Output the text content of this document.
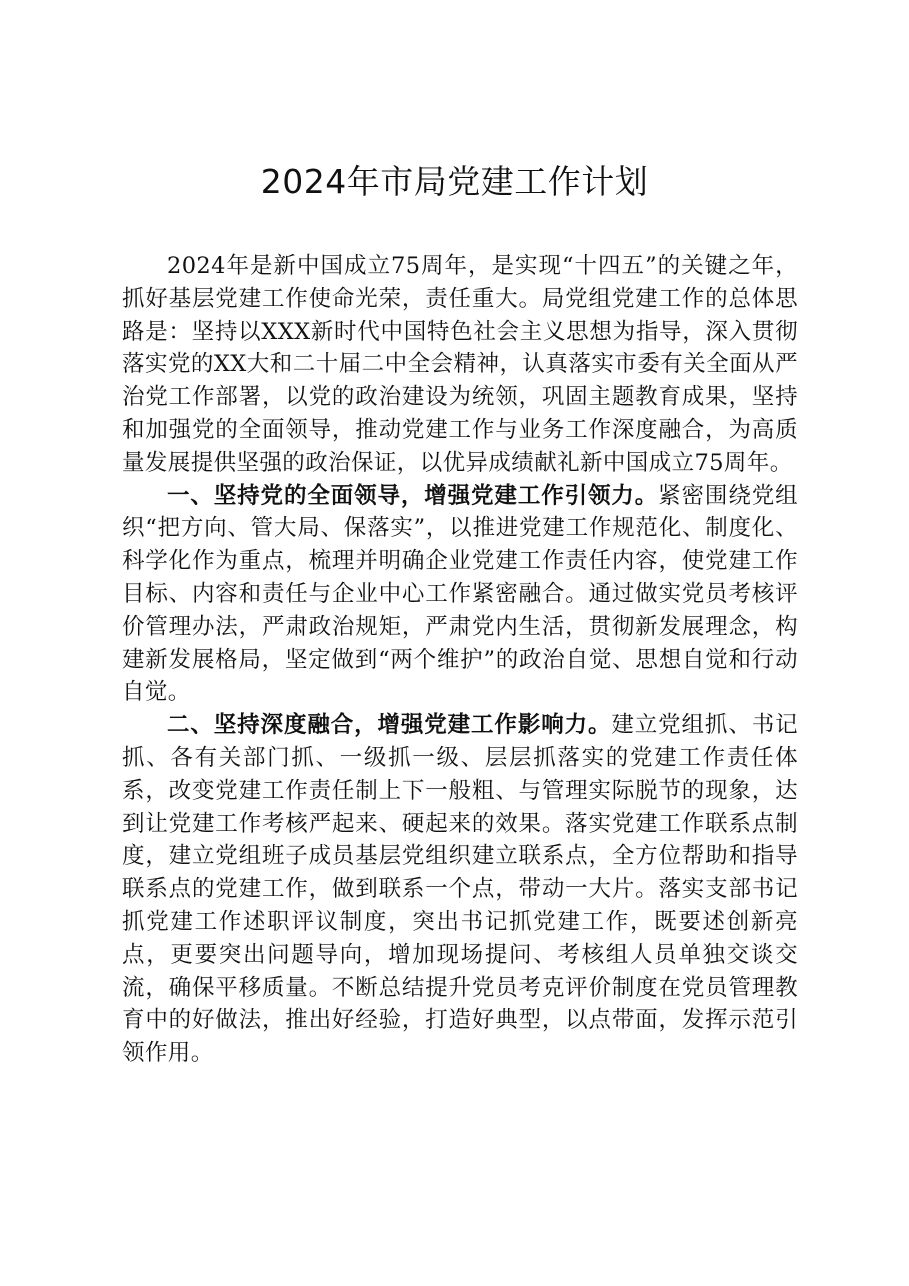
2024年市局党建工作计划

2024年是新中国成立75周年，是实现“十四五”的关键之年，抓好基层党建工作使命光荣，责任重大。局党组党建工作的总体思路是：坚持以XXX新时代中国特色社会主义思想为指导，深入贯彻落实党的XX大和二十届二中全会精神，认真落实市委有关全面从严治党工作部署，以党的政治建设为统领，巩固主题教育成果，坚持和加强党的全面领导，推动党建工作与业务工作深度融合，为高质量发展提供坚强的政治保证，以优异成绩献礼新中国成立75周年。

一、坚持党的全面领导，增强党建工作引领力。紧密围绕党组织“把方向、管大局、保落实”，以推进党建工作规范化、制度化、科学化作为重点，梳理并明确企业党建工作责任内容，使党建工作目标、内容和责任与企业中心工作紧密融合。通过做实党员考核评价管理办法，严肃政治规矩，严肃党内生活，贯彻新发展理念，构建新发展格局，坚定做到“两个维护”的政治自觉、思想自觉和行动自觉。

二、坚持深度融合，增强党建工作影响力。建立党组抓、书记抓、各有关部门抓、一级抓一级、层层抓落实的党建工作责任体系，改变党建工作责任制上下一般粗、与管理实际脱节的现象，达到让党建工作考核严起来、硬起来的效果。落实党建工作联系点制度，建立党组班子成员基层党组织建立联系点，全方位帮助和指导联系点的党建工作，做到联系一个点，带动一大片。落实支部书记抓党建工作述职评议制度，突出书记抓党建工作，既要述创新亮点，更要突出问题导向，增加现场提问、考核组人员单独交谈交流，确保平移质量。不断总结提升党员考克评价制度在党员管理教育中的好做法，推出好经验，打造好典型，以点带面，发挥示范引领作用。
